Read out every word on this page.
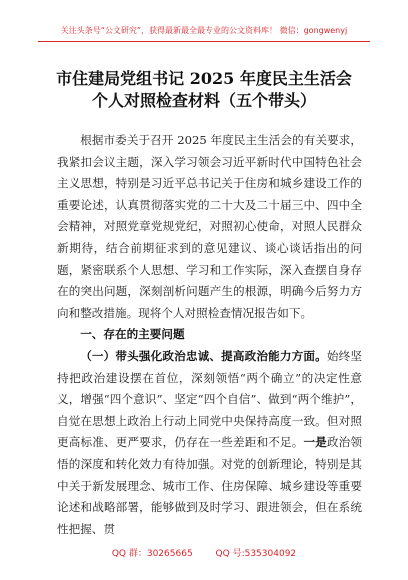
关注头条号“公文研究”，获得最新最全最专业的公文资料库！ 微信：gongwenyj
市住建局党组书记 2025 年度民主生活会
个人对照检查材料（五个带头）

根据市委关于召开 2025 年度民主生活会的有关要求，我紧扣会议主题，深入学习领会习近平新时代中国特色社会主义思想，特别是习近平总书记关于住房和城乡建设工作的重要论述，认真贯彻落实党的二十大及二十届三中、四中全会精神，对照党章党规党纪，对照初心使命，对照人民群众新期待，结合前期征求到的意见建议、谈心谈话指出的问题，紧密联系个人思想、学习和工作实际，深入查摆自身存在的突出问题，深刻剖析问题产生的根源，明确今后努力方向和整改措施。现将个人对照检查情况报告如下。

一、存在的主要问题

（一）带头强化政治忠诚、提高政治能力方面。始终坚持把政治建设摆在首位，深刻领悟“两个确立”的决定性意义，增强“四个意识”、坚定“四个自信”、做到“两个维护”，自觉在思想上政治上行动上同党中央保持高度一致。但对照更高标准、更严要求，仍存在一些差距和不足。一是政治领悟的深度和转化效力有待加强。对党的创新理论，特别是其中关于新发展理念、城市工作、住房保障、城乡建设等重要论述和战略部署，能够做到及时学习、跟进领会，但在系统性把握、贯

QQ 群：30265665	QQ 号:535304092
